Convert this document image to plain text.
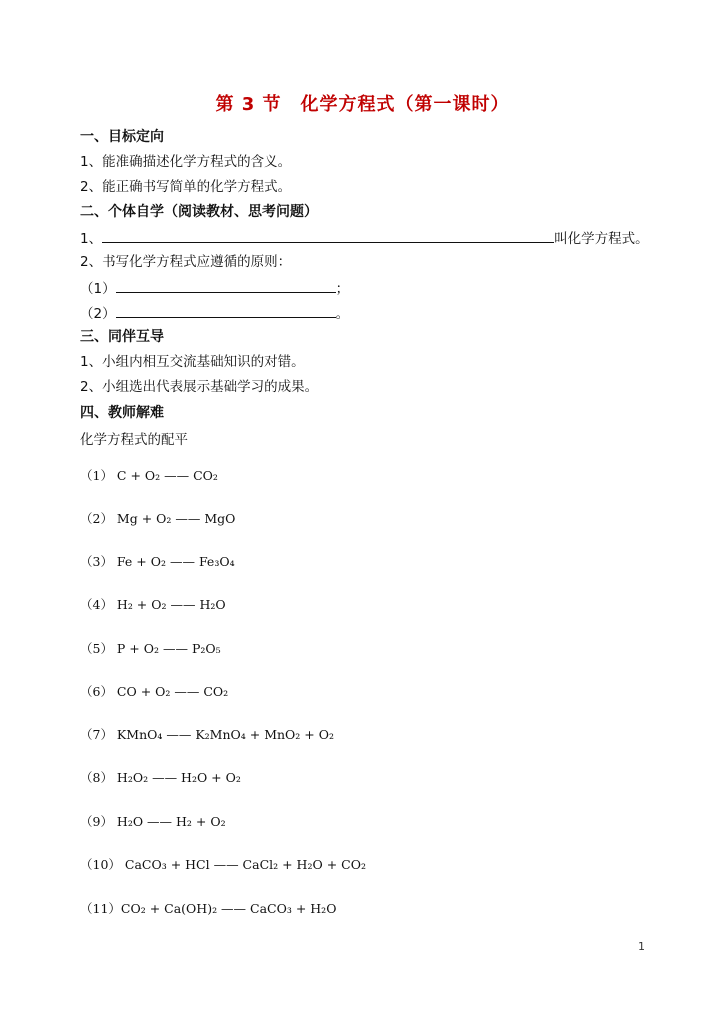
第 3 节　化学方程式（第一课时）
一、目标定向
1、能准确描述化学方程式的含义。
2、能正确书写简单的化学方程式。
二、个体自学（阅读教材、思考问题）
1、	叫化学方程式。
2、书写化学方程式应遵循的原则：
（1）	；
（2）	。
三、同伴互导
1、小组内相互交流基础知识的对错。
2、小组选出代表展示基础学习的成果。
四、教师解难
化学方程式的配平
（1） C + O₂ —— CO₂
（2） Mg + O₂ —— MgO
（3） Fe + O₂ —— Fe₃O₄
（4） H₂ + O₂ —— H₂O
（5） P + O₂ —— P₂O₅
（6） CO + O₂ —— CO₂
（7） KMnO₄ —— K₂MnO₄ + MnO₂ + O₂
（8） H₂O₂ —— H₂O + O₂
（9） H₂O —— H₂ + O₂
（10） CaCO₃ + HCl —— CaCl₂ + H₂O + CO₂
（11）CO₂ + Ca(OH)₂ —— CaCO₃ + H₂O
1
